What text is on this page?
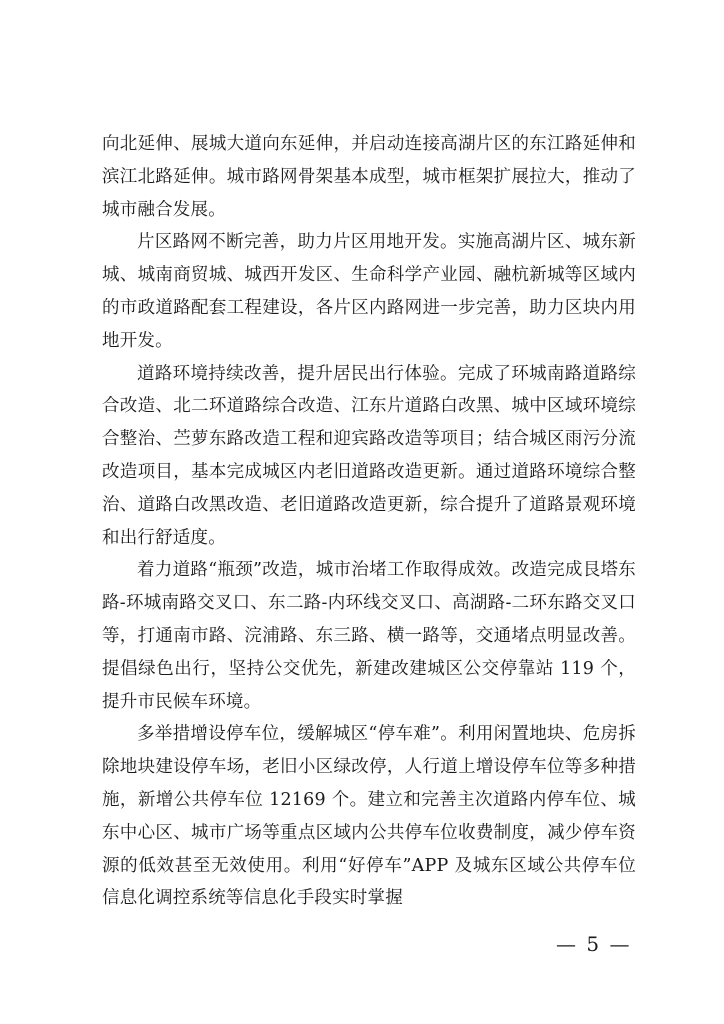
向北延伸、展城大道向东延伸，并启动连接高湖片区的东江路延伸和滨江北路延伸。城市路网骨架基本成型，城市框架扩展拉大，推动了城市融合发展。

片区路网不断完善，助力片区用地开发。实施高湖片区、城东新城、城南商贸城、城西开发区、生命科学产业园、融杭新城等区域内的市政道路配套工程建设，各片区内路网进一步完善，助力区块内用地开发。

道路环境持续改善，提升居民出行体验。完成了环城南路道路综合改造、北二环道路综合改造、江东片道路白改黑、城中区域环境综合整治、苎萝东路改造工程和迎宾路改造等项目；结合城区雨污分流改造项目，基本完成城区内老旧道路改造更新。通过道路环境综合整治、道路白改黑改造、老旧道路改造更新，综合提升了道路景观环境和出行舒适度。

着力道路“瓶颈”改造，城市治堵工作取得成效。改造完成艮塔东路-环城南路交叉口、东二路-内环线交叉口、高湖路-二环东路交叉口等，打通南市路、浣浦路、东三路、横一路等，交通堵点明显改善。提倡绿色出行，坚持公交优先，新建改建城区公交停靠站 119 个，提升市民候车环境。

多举措增设停车位，缓解城区“停车难”。利用闲置地块、危房拆除地块建设停车场，老旧小区绿改停，人行道上增设停车位等多种措施，新增公共停车位 12169 个。建立和完善主次道路内停车位、城东中心区、城市广场等重点区域内公共停车位收费制度，减少停车资源的低效甚至无效使用。利用“好停车”APP 及城东区域公共停车位信息化调控系统等信息化手段实时掌握

— 5 —
